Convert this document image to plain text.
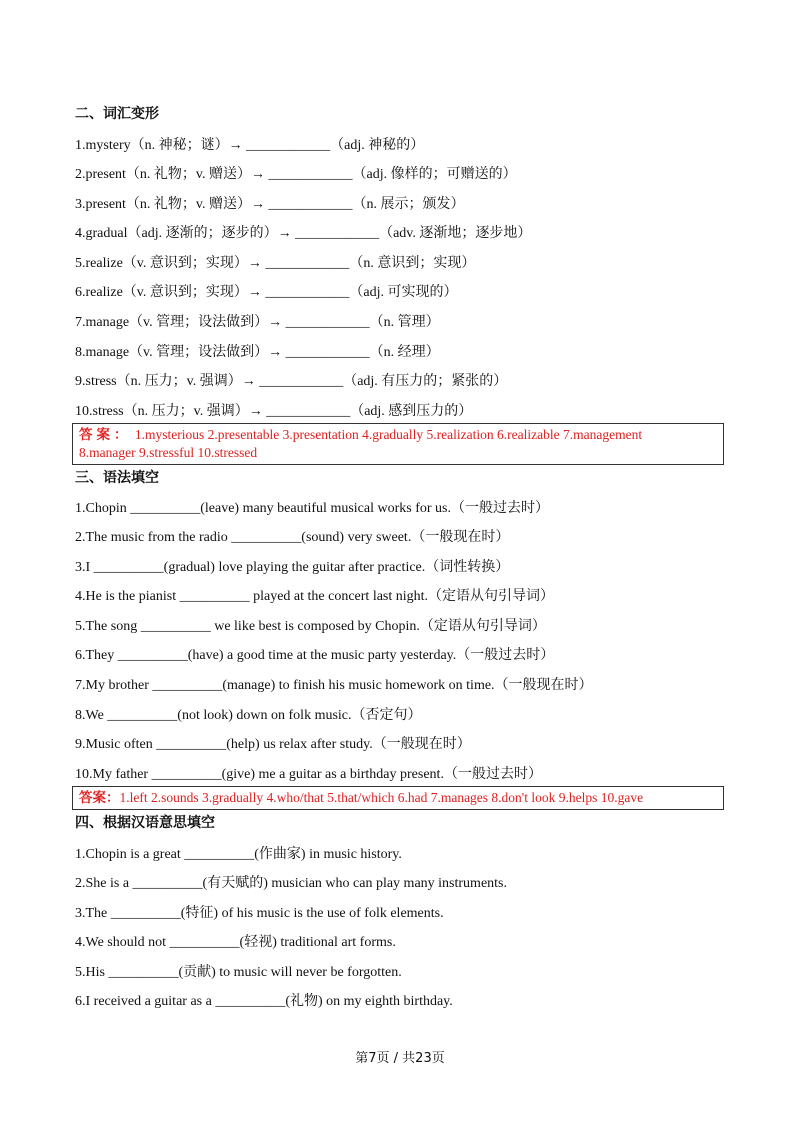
二、词汇变形
1.mystery（n. 神秘；谜）→ ____________（adj. 神秘的）
2.present（n. 礼物；v. 赠送）→ ____________（adj. 像样的；可赠送的）
3.present（n. 礼物；v. 赠送）→ ____________（n. 展示；颁发）
4.gradual（adj. 逐渐的；逐步的）→ ____________（adv. 逐渐地；逐步地）
5.realize（v. 意识到；实现）→ ____________（n. 意识到；实现）
6.realize（v. 意识到；实现）→ ____________（adj. 可实现的）
7.manage（v. 管理；设法做到）→ ____________（n. 管理）
8.manage（v. 管理；设法做到）→ ____________（n. 经理）
9.stress（n. 压力；v. 强调）→ ____________（adj. 有压力的；紧张的）
10.stress（n. 压力；v. 强调）→ ____________（adj. 感到压力的）
答案： 1.mysterious 2.presentable 3.presentation 4.gradually 5.realization 6.realizable 7.management
8.manager 9.stressful 10.stressed
三、语法填空
1.Chopin __________(leave) many beautiful musical works for us.（一般过去时）
2.The music from the radio __________(sound) very sweet.（一般现在时）
3.I __________(gradual) love playing the guitar after practice.（词性转换）
4.He is the pianist __________ played at the concert last night.（定语从句引导词）
5.The song __________ we like best is composed by Chopin.（定语从句引导词）
6.They __________(have) a good time at the music party yesterday.（一般过去时）
7.My brother __________(manage) to finish his music homework on time.（一般现在时）
8.We __________(not look) down on folk music.（否定句）
9.Music often __________(help) us relax after study.（一般现在时）
10.My father __________(give) me a guitar as a birthday present.（一般过去时）
答案：1.left 2.sounds 3.gradually 4.who/that 5.that/which 6.had 7.manages 8.don't look 9.helps 10.gave
四、根据汉语意思填空
1.Chopin is a great __________(作曲家) in music history.
2.She is a __________(有天赋的) musician who can play many instruments.
3.The __________(特征) of his music is the use of folk elements.
4.We should not __________(轻视) traditional art forms.
5.His __________(贡献) to music will never be forgotten.
6.I received a guitar as a __________(礼物) on my eighth birthday.
第7页 / 共23页
